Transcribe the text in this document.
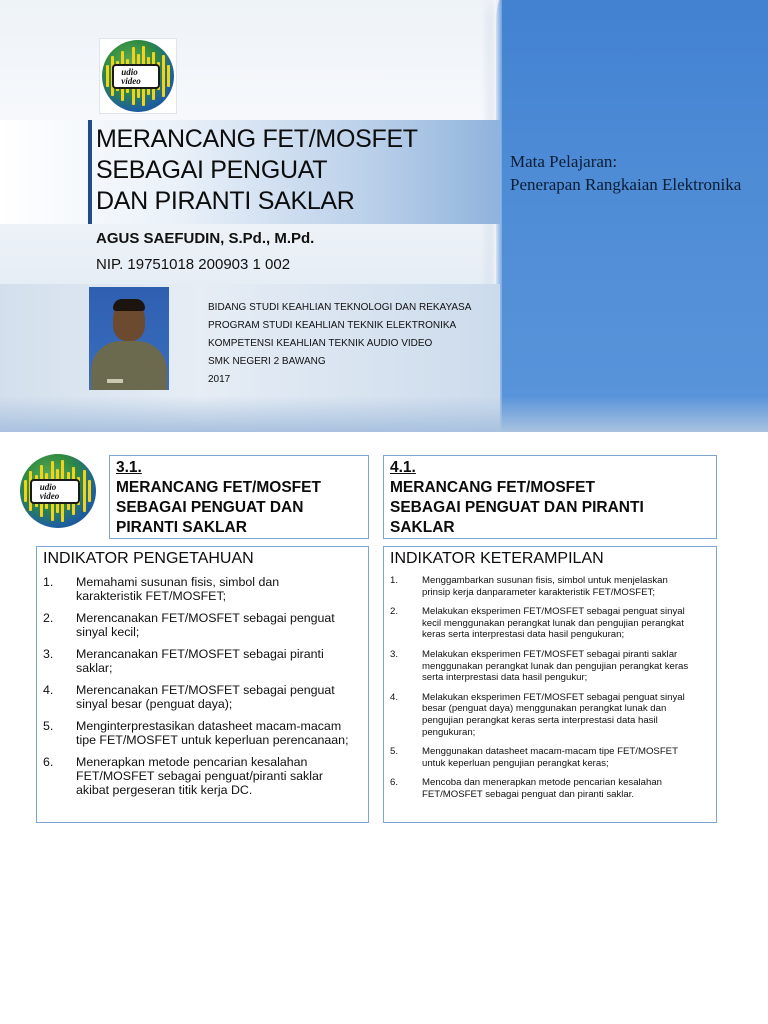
udio
video
MERANCANG FET/MOSFET
SEBAGAI PENGUAT
DAN PIRANTI SAKLAR
AGUS SAEFUDIN, S.Pd., M.Pd.
NIP. 19751018 200903 1 002
Mata Pelajaran:
Penerapan Rangkaian Elektronika
BIDANG STUDI KEAHLIAN TEKNOLOGI DAN REKAYASA
PROGRAM STUDI KEAHLIAN TEKNIK ELEKTRONIKA
KOMPETENSI KEAHLIAN TEKNIK AUDIO VIDEO
SMK NEGERI 2 BAWANG
2017
udio
video
3.1.
MERANCANG FET/MOSFET
SEBAGAI PENGUAT DAN
PIRANTI SAKLAR
4.1.
MERANCANG FET/MOSFET
SEBAGAI PENGUAT DAN PIRANTI
SAKLAR
INDIKATOR PENGETAHUAN
1.	Memahami susunan fisis, simbol dan
karakteristik FET/MOSFET;
2.	Merencanakan FET/MOSFET sebagai penguat
sinyal kecil;
3.	Merancanakan FET/MOSFET sebagai piranti
saklar;
4.	Merencanakan FET/MOSFET sebagai penguat
sinyal besar (penguat daya);
5.	Menginterprestasikan datasheet macam-macam
tipe FET/MOSFET untuk keperluan perencanaan;
6.	Menerapkan metode pencarian kesalahan
FET/MOSFET sebagai penguat/piranti saklar
akibat pergeseran titik kerja DC.
INDIKATOR KETERAMPILAN
1.	Menggambarkan susunan fisis, simbol untuk menjelaskan
prinsip kerja danparameter karakteristik FET/MOSFET;
2.	Melakukan eksperimen FET/MOSFET sebagai penguat sinyal
kecil menggunakan perangkat lunak dan pengujian perangkat
keras serta interprestasi data hasil pengukuran;
3.	Melakukan eksperimen FET/MOSFET sebagai piranti saklar
menggunakan perangkat lunak dan pengujian perangkat keras
serta interprestasi data hasil pengukur;
4.	Melakukan eksperimen FET/MOSFET sebagai penguat sinyal
besar (penguat daya) menggunakan perangkat lunak dan
pengujian perangkat keras serta interprestasi data hasil
pengukuran;
5.	Menggunakan datasheet macam-macam tipe FET/MOSFET
untuk keperluan pengujian perangkat keras;
6.	Mencoba dan menerapkan metode pencarian kesalahan
FET/MOSFET sebagai penguat dan piranti saklar.
